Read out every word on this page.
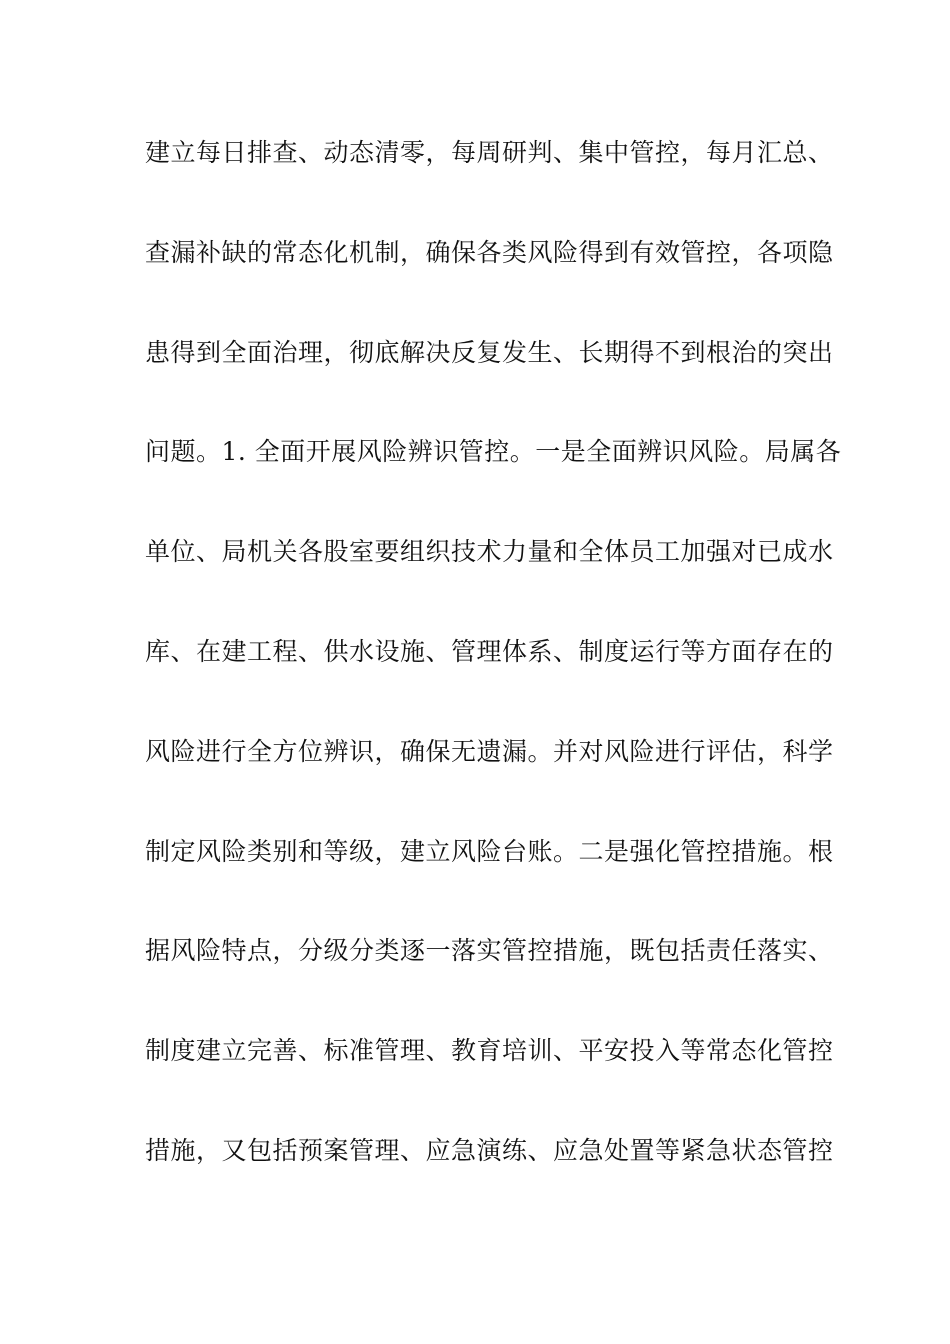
建立每日排查、动态清零，每周研判、集中管控，每月汇总、
查漏补缺的常态化机制，确保各类风险得到有效管控，各项隐
患得到全面治理，彻底解决反复发生、长期得不到根治的突出
问题。1. 全面开展风险辨识管控。一是全面辨识风险。局属各
单位、局机关各股室要组织技术力量和全体员工加强对已成水
库、在建工程、供水设施、管理体系、制度运行等方面存在的
风险进行全方位辨识，确保无遗漏。并对风险进行评估，科学
制定风险类别和等级，建立风险台账。二是强化管控措施。根
据风险特点，分级分类逐一落实管控措施，既包括责任落实、
制度建立完善、标准管理、教育培训、平安投入等常态化管控
措施，又包括预案管理、应急演练、应急处置等紧急状态管控
